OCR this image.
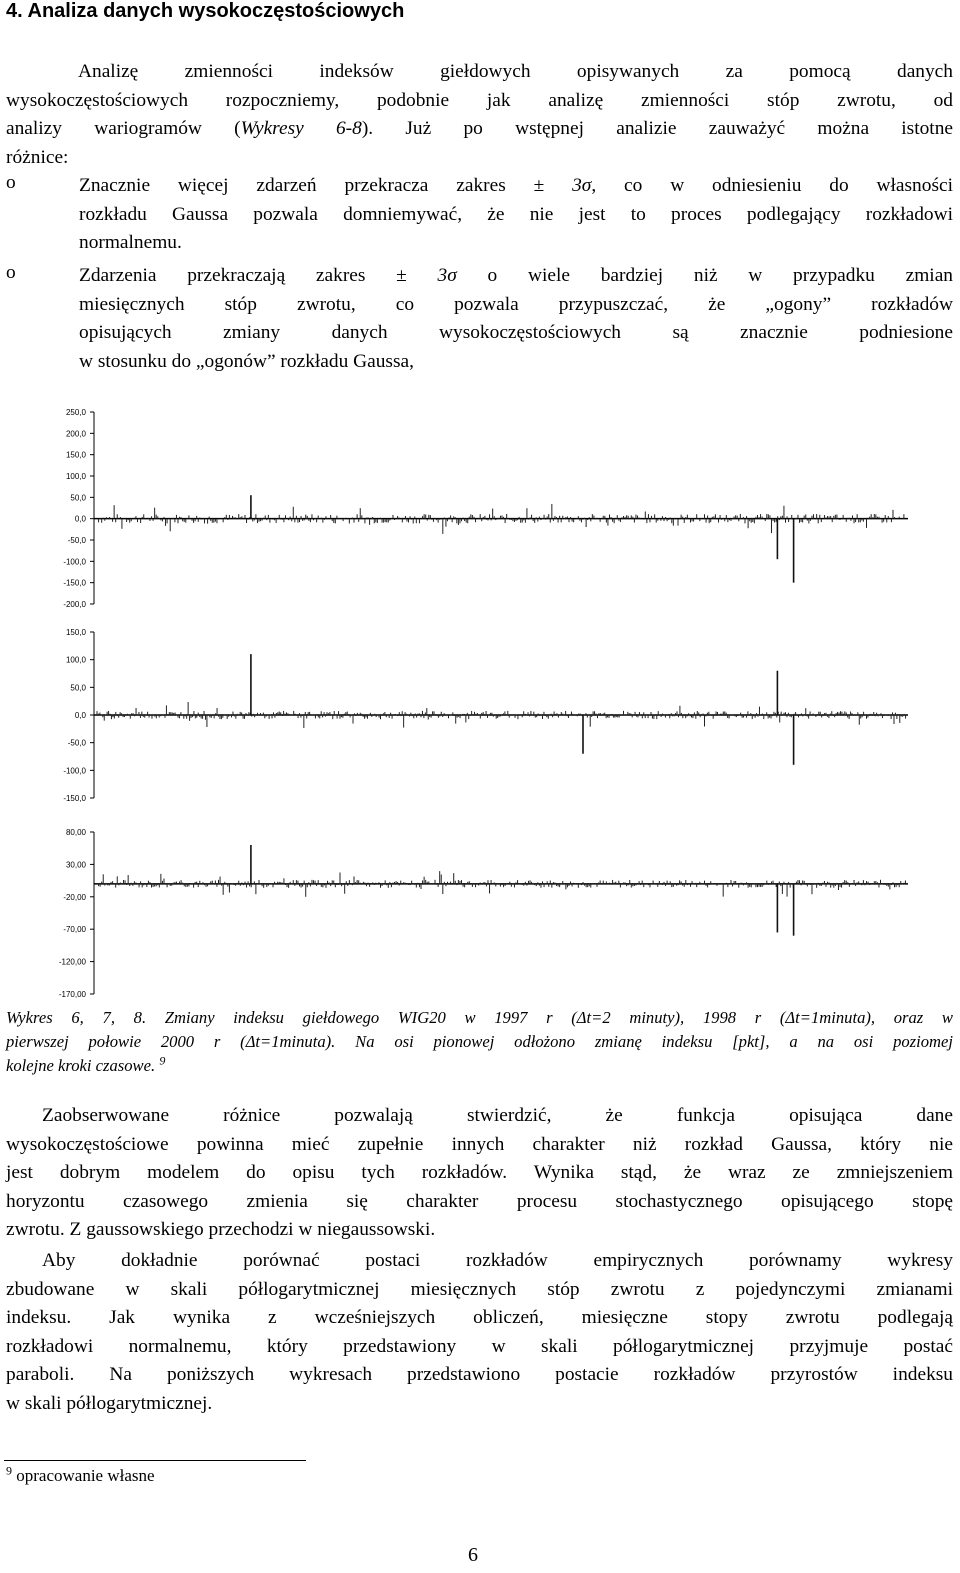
4. Analiza danych wysokoczęstościowych
Analizę zmienności indeksów giełdowych opisywanych za pomocą danych
wysokoczęstościowych rozpoczniemy, podobnie jak analizę zmienności stóp zwrotu, od
analizy wariogramów (Wykresy 6-8). Już po wstępnej analizie zauważyć można istotne
różnice:
o	Znacznie więcej zdarzeń przekracza zakres ± 3σ, co w odniesieniu do własności
rozkładu Gaussa pozwala domniemywać, że nie jest to proces podlegający rozkładowi
normalnemu.
o	Zdarzenia przekraczają zakres ± 3σ o wiele bardziej niż w przypadku zmian
miesięcznych stóp zwrotu, co pozwala przypuszczać, że „ogony” rozkładów
opisujących zmiany danych wysokoczęstościowych są znacznie podniesione
w stosunku do „ogonów” rozkładu Gaussa,
250,0
200,0
150,0
100,0
50,0
0,0
-50,0
-100,0
-150,0
-200,0
150,0
100,0
50,0
0,0
-50,0
-100,0
-150,0
80,00
30,00
-20,00
-70,00
-120,00
-170,00
Wykres 6, 7, 8. Zmiany indeksu giełdowego WIG20 w 1997 r (Δt=2 minuty), 1998 r (Δt=1minuta), oraz w
pierwszej połowie 2000 r (Δt=1minuta). Na osi pionowej odłożono zmianę indeksu [pkt], a na osi poziomej
kolejne kroki czasowe. $^9$
Zaobserwowane różnice pozwalają stwierdzić, że funkcja opisująca dane
wysokoczęstościowe powinna mieć zupełnie innych charakter niż rozkład Gaussa, który nie
jest dobrym modelem do opisu tych rozkładów. Wynika stąd, że wraz ze zmniejszeniem
horyzontu czasowego zmienia się charakter procesu stochastycznego opisującego stopę
zwrotu. Z gaussowskiego przechodzi w niegaussowski.
Aby dokładnie porównać postaci rozkładów empirycznych porównamy wykresy
zbudowane w skali półlogarytmicznej miesięcznych stóp zwrotu z pojedynczymi zmianami
indeksu. Jak wynika z wcześniejszych obliczeń, miesięczne stopy zwrotu podlegają
rozkładowi normalnemu, który przedstawiony w skali półlogarytmicznej przyjmuje postać
paraboli. Na poniższych wykresach przedstawiono postacie rozkładów przyrostów indeksu
w skali półlogarytmicznej.
$^9$ opracowanie własne
6
